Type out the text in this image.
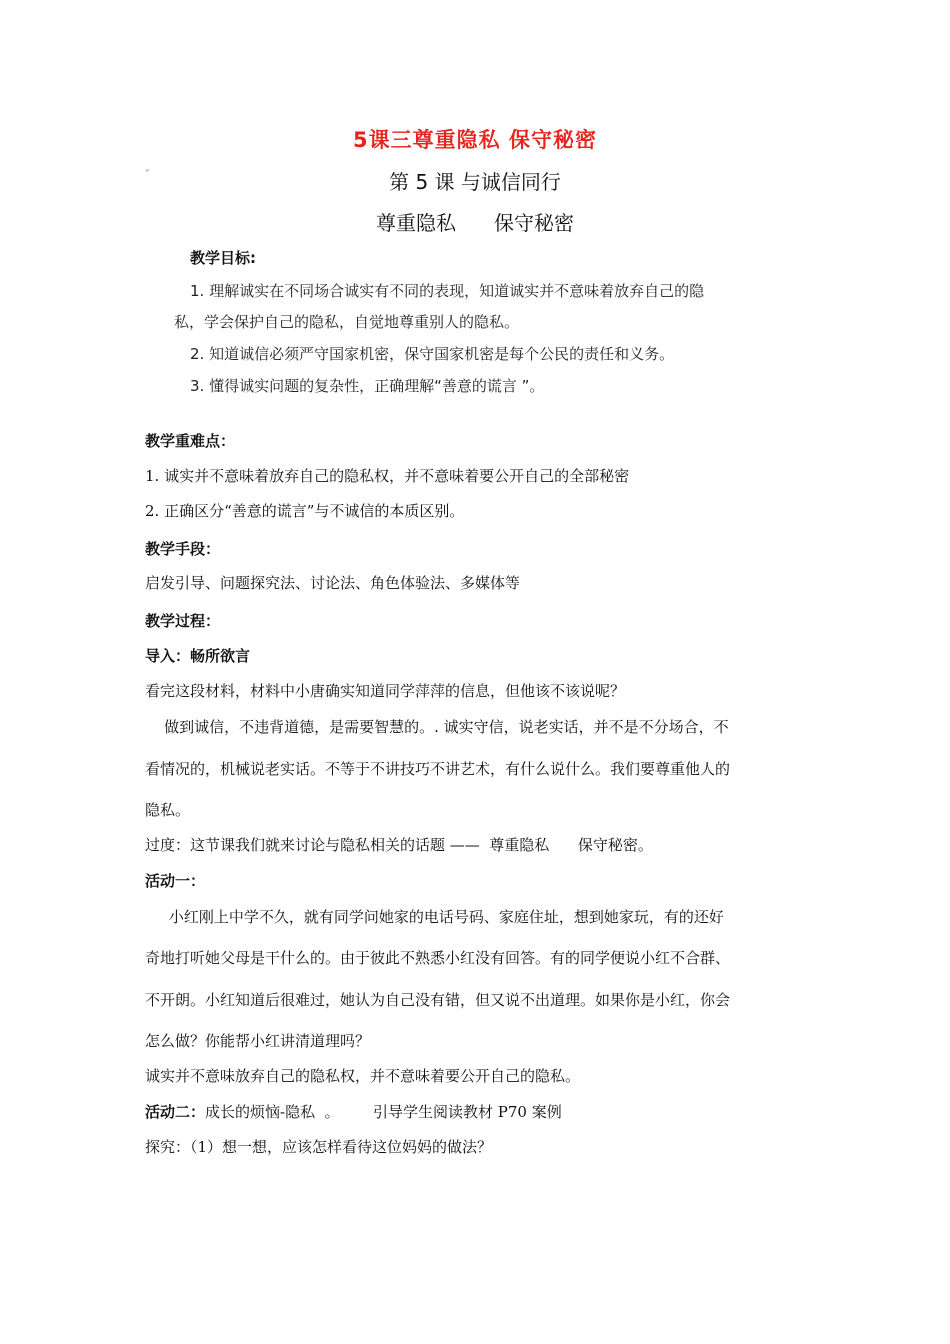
5课三尊重隐私 保守秘密
˅	第 5 课 与诚信同行
尊重隐私 保守秘密
教学目标:
1. 理解诚实在不同场合诚实有不同的表现，知道诚实并不意味着放弃自己的隐
私，学会保护自己的隐私，自觉地尊重别人的隐私。
2. 知道诚信必须严守国家机密，保守国家机密是每个公民的责任和义务。
3. 懂得诚实问题的复杂性，正确理解“善意的谎言 ”。
教学重难点：
1. 诚实并不意味着放弃自己的隐私权，并不意味着要公开自己的全部秘密
2. 正确区分“善意的谎言”与不诚信的本质区别。
教学手段：
启发引导、问题探究法、讨论法、角色体验法、多媒体等
教学过程：
导入：畅所欲言
看完这段材料，材料中小唐确实知道同学萍萍的信息，但他该不该说呢？
做到诚信，不违背道德，是需要智慧的。. 诚实守信，说老实话，并不是不分场合，不
看情况的，机械说老实话。不等于不讲技巧不讲艺术，有什么说什么。我们要尊重他人的
隐私。
过度：这节课我们就来讨论与隐私相关的话题 ——  尊重隐私      保守秘密。
活动一：
小红刚上中学不久，就有同学问她家的电话号码、家庭住址，想到她家玩，有的还好
奇地打听她父母是干什么的。由于彼此不熟悉小红没有回答。有的同学便说小红不合群、
不开朗。小红知道后很难过，她认为自己没有错，但又说不出道理。如果你是小红，你会
怎么做？你能帮小红讲清道理吗？
诚实并不意味放弃自己的隐私权，并不意味着要公开自己的隐私。
活动二：成长的烦恼-隐私  。       引导学生阅读教材 P70 案例
探究：（1）想一想，应该怎样看待这位妈妈的做法？
